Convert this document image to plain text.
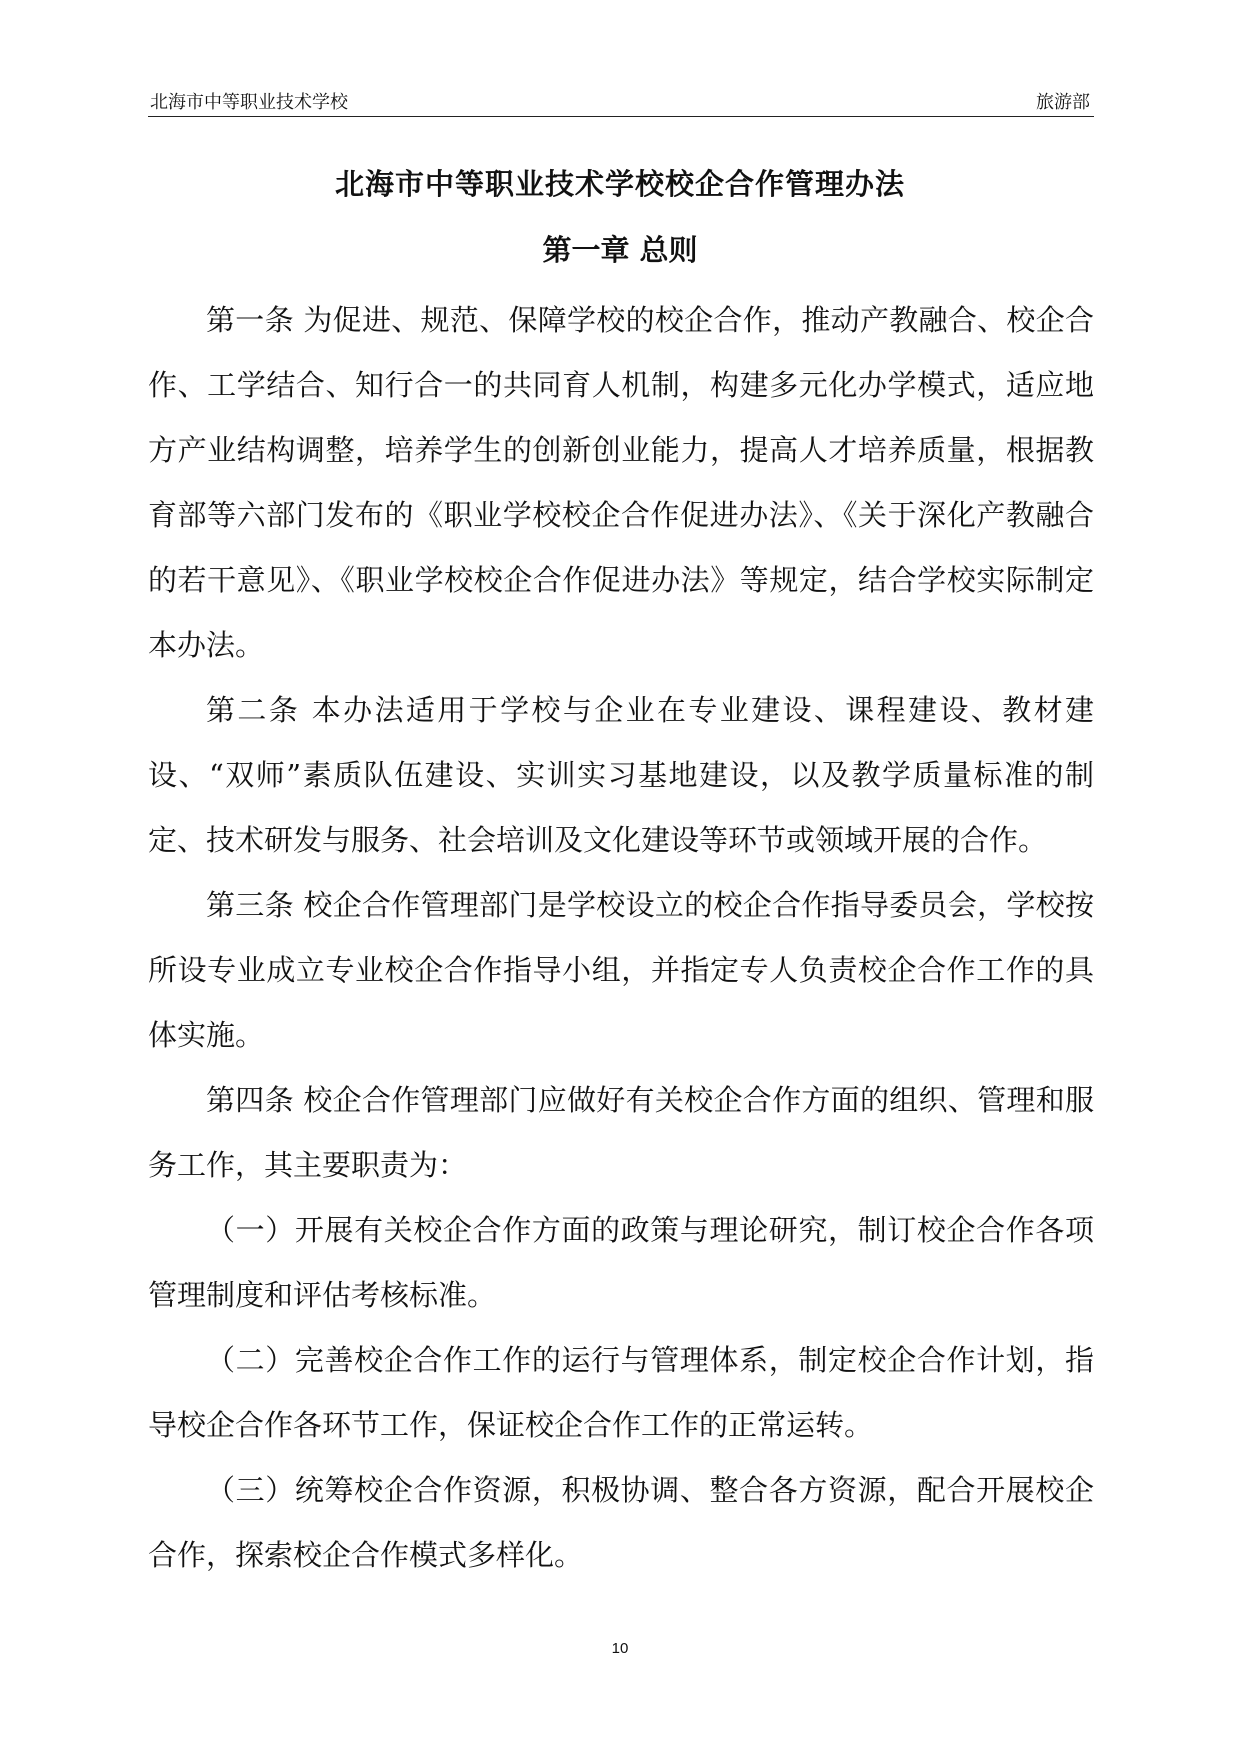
北海市中等职业技术学校	旅游部
北海市中等职业技术学校校企合作管理办法
第一章 总则

第一条 为促进、规范、保障学校的校企合作，推动产教融合、校企合作、工学结合、知行合一的共同育人机制，构建多元化办学模式，适应地方产业结构调整，培养学生的创新创业能力，提高人才培养质量，根据教育部等六部门发布的《职业学校校企合作促进办法》、《关于深化产教融合的若干意见》、《职业学校校企合作促进办法》等规定，结合学校实际制定本办法。

第二条 本办法适用于学校与企业在专业建设、课程建设、教材建设、“双师”素质队伍建设、实训实习基地建设，以及教学质量标准的制定、技术研发与服务、社会培训及文化建设等环节或领域开展的合作。

第三条 校企合作管理部门是学校设立的校企合作指导委员会，学校按所设专业成立专业校企合作指导小组，并指定专人负责校企合作工作的具体实施。

第四条 校企合作管理部门应做好有关校企合作方面的组织、管理和服务工作，其主要职责为：

（一）开展有关校企合作方面的政策与理论研究，制订校企合作各项管理制度和评估考核标准。

（二）完善校企合作工作的运行与管理体系，制定校企合作计划，指导校企合作各环节工作，保证校企合作工作的正常运转。

（三）统筹校企合作资源，积极协调、整合各方资源，配合开展校企合作，探索校企合作模式多样化。

10
